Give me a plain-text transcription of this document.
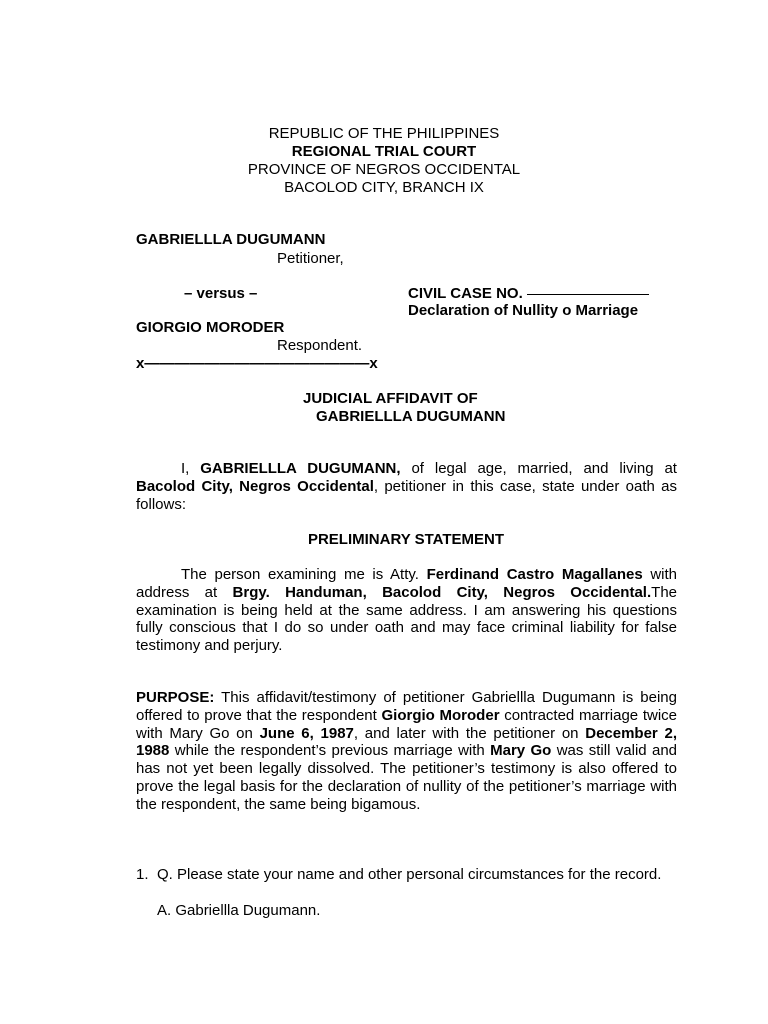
REPUBLIC OF THE PHILIPPINES
REGIONAL TRIAL COURT
PROVINCE OF NEGROS OCCIDENTAL
BACOLOD CITY, BRANCH IX
GABRIELLLA DUGUMANN
Petitioner,
– versus –	CIVIL CASE NO.
Declaration of Nullity o Marriage
GIORGIO MORODER
Respondent.
x———————————————x
JUDICIAL AFFIDAVIT OF
GABRIELLLA DUGUMANN

I, GABRIELLLA DUGUMANN, of legal age, married, and living at Bacolod City, Negros Occidental, petitioner in this case, state under oath as follows:

PRELIMINARY STATEMENT

The person examining me is Atty. Ferdinand Castro Magallanes with address at Brgy. Handuman, Bacolod City, Negros Occidental.The examination is being held at the same address. I am answering his questions fully conscious that I do so under oath and may face criminal liability for false testimony and perjury.

PURPOSE: This affidavit/testimony of petitioner Gabriellla Dugumann is being offered to prove that the respondent Giorgio Moroder contracted marriage twice with Mary Go on June 6, 1987, and later with the petitioner on December 2, 1988 while the respondent’s previous marriage with Mary Go was still valid and has not yet been legally dissolved. The petitioner’s testimony is also offered to prove the legal basis for the declaration of nullity of the petitioner’s marriage with the respondent, the same being bigamous.

1. Q. Please state your name and other personal circumstances for the record.

A. Gabriellla Dugumann.
